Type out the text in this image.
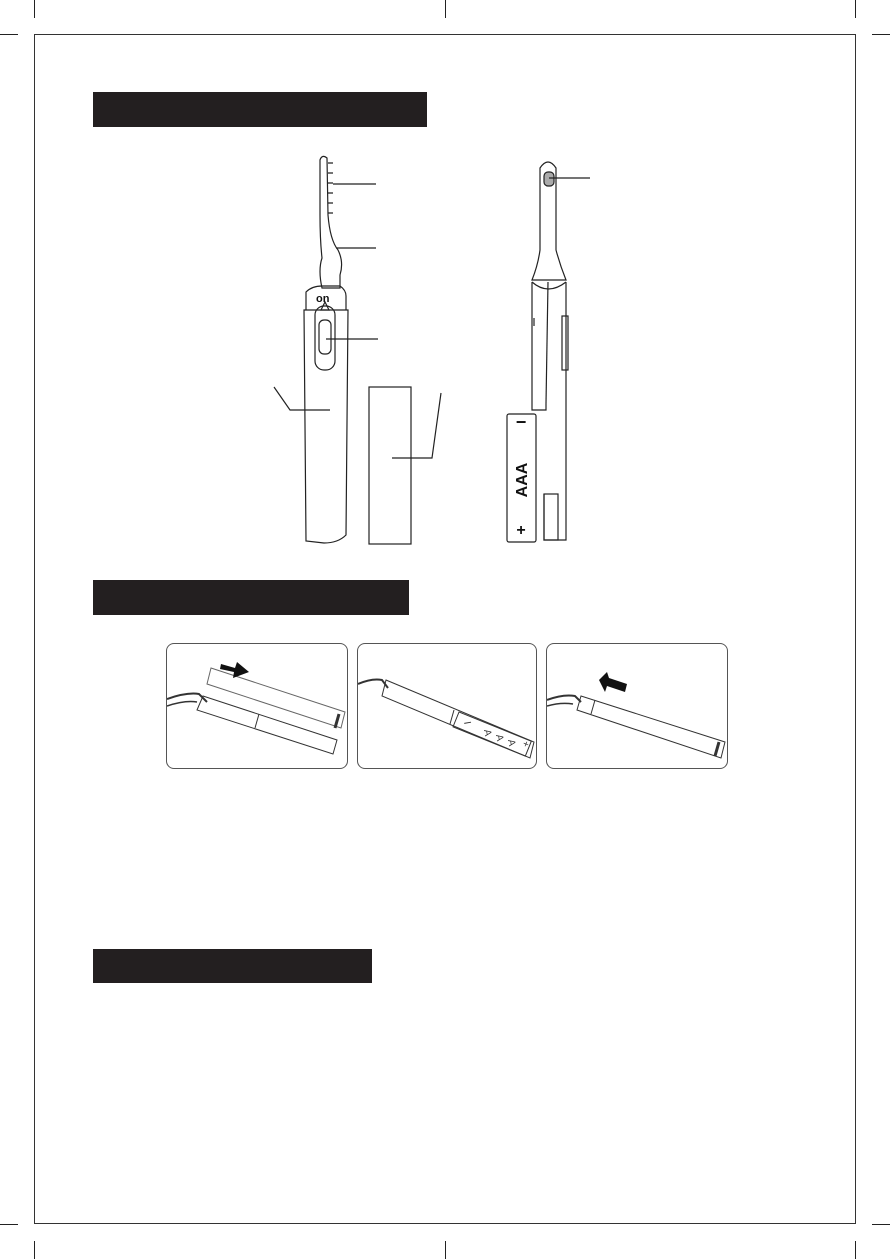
on
−
AAA
+
I
A
A
A +
